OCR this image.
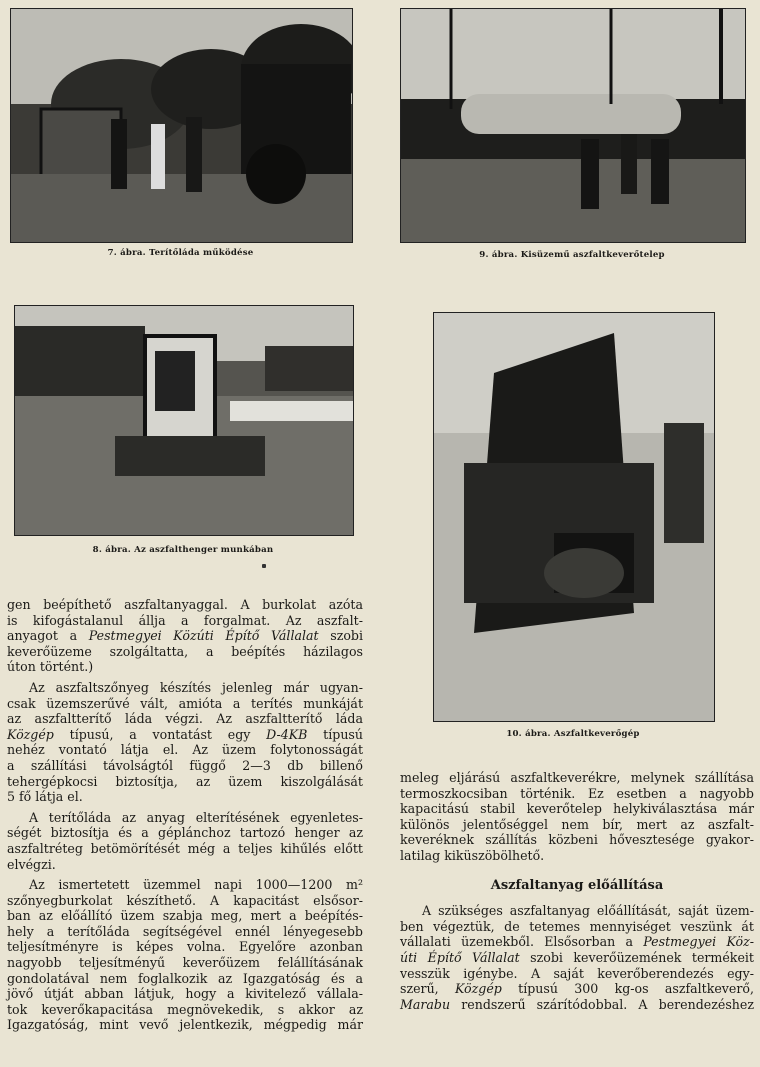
7. ábra. Terítőláda működése	9. ábra. Kisüzemű aszfaltkeverőtelep
8. ábra. Az aszfalthenger munkában
10. ábra. Aszfaltkeverőgép

gen beépíthető aszfaltanyaggal. A burkolat azóta
is kifogástalanul állja a forgalmat. Az aszfalt-
anyagot a Pestmegyei Közúti Építő Vállalat szobi
keverőüzeme szolgáltatta, a beépítés házilagos
úton történt.)

Az aszfaltszőnyeg készítés jelenleg már ugyan-
csak üzemszerűvé vált, amióta a terítés munkáját
az aszfaltterítő láda végzi. Az aszfaltterítő láda
Közgép típusú, a vontatást egy D-4KB típusú
nehéz vontató látja el. Az üzem folytonosságát
a szállítási távolságtól függő 2—3 db billenő
tehergépkocsi biztosítja, az üzem kiszolgálását
5 fő látja el.

A terítőláda az anyag elterítésének egyenletes-
ségét biztosítja és a géplánchoz tartozó henger az
aszfaltréteg betömörítését még a teljes kihűlés előtt
elvégzi.

Az ismertetett üzemmel napi 1000—1200 m²
szőnyegburkolat készíthető. A kapacitást elsősor-
ban az előállító üzem szabja meg, mert a beépítés-
hely a terítőláda segítségével ennél lényegesebb
teljesítményre is képes volna. Egyelőre azonban
nagyobb teljesítményű keverőüzem felállításának
gondolatával nem foglalkozik az Igazgatóság és a
jövő útját abban látjuk, hogy a kivitelező vállala-
tok keverőkapacitása megnövekedik, s akkor az
Igazgatóság, mint vevő jelentkezik, mégpedig már

meleg eljárású aszfaltkeverékre, melynek szállítása
termoszkocsiban történik. Ez esetben a nagyobb
kapacitású stabil keverőtelep helykiválasztása már
különös jelentőséggel nem bír, mert az aszfalt-
keveréknek szállítás közbeni hőveszteségе gyakor-
latilag kiküszöbölhető.

Aszfaltanyag előállítása

A szükséges aszfaltanyag előállítását, saját üzem-
ben végeztük, de tetemes mennyiséget veszünk át
vállalati üzemekből. Elsősorban a Pestmegyei Köz-
úti Építő Vállalat szobi keverőüzemének termékeit
vesszük igénybe. A saját keverőberendezés egy-
szerű, Közgép típusú 300 kg-os aszfaltkeverő,
Marabu rendszerű szárítódobbal. A berendezéshez
